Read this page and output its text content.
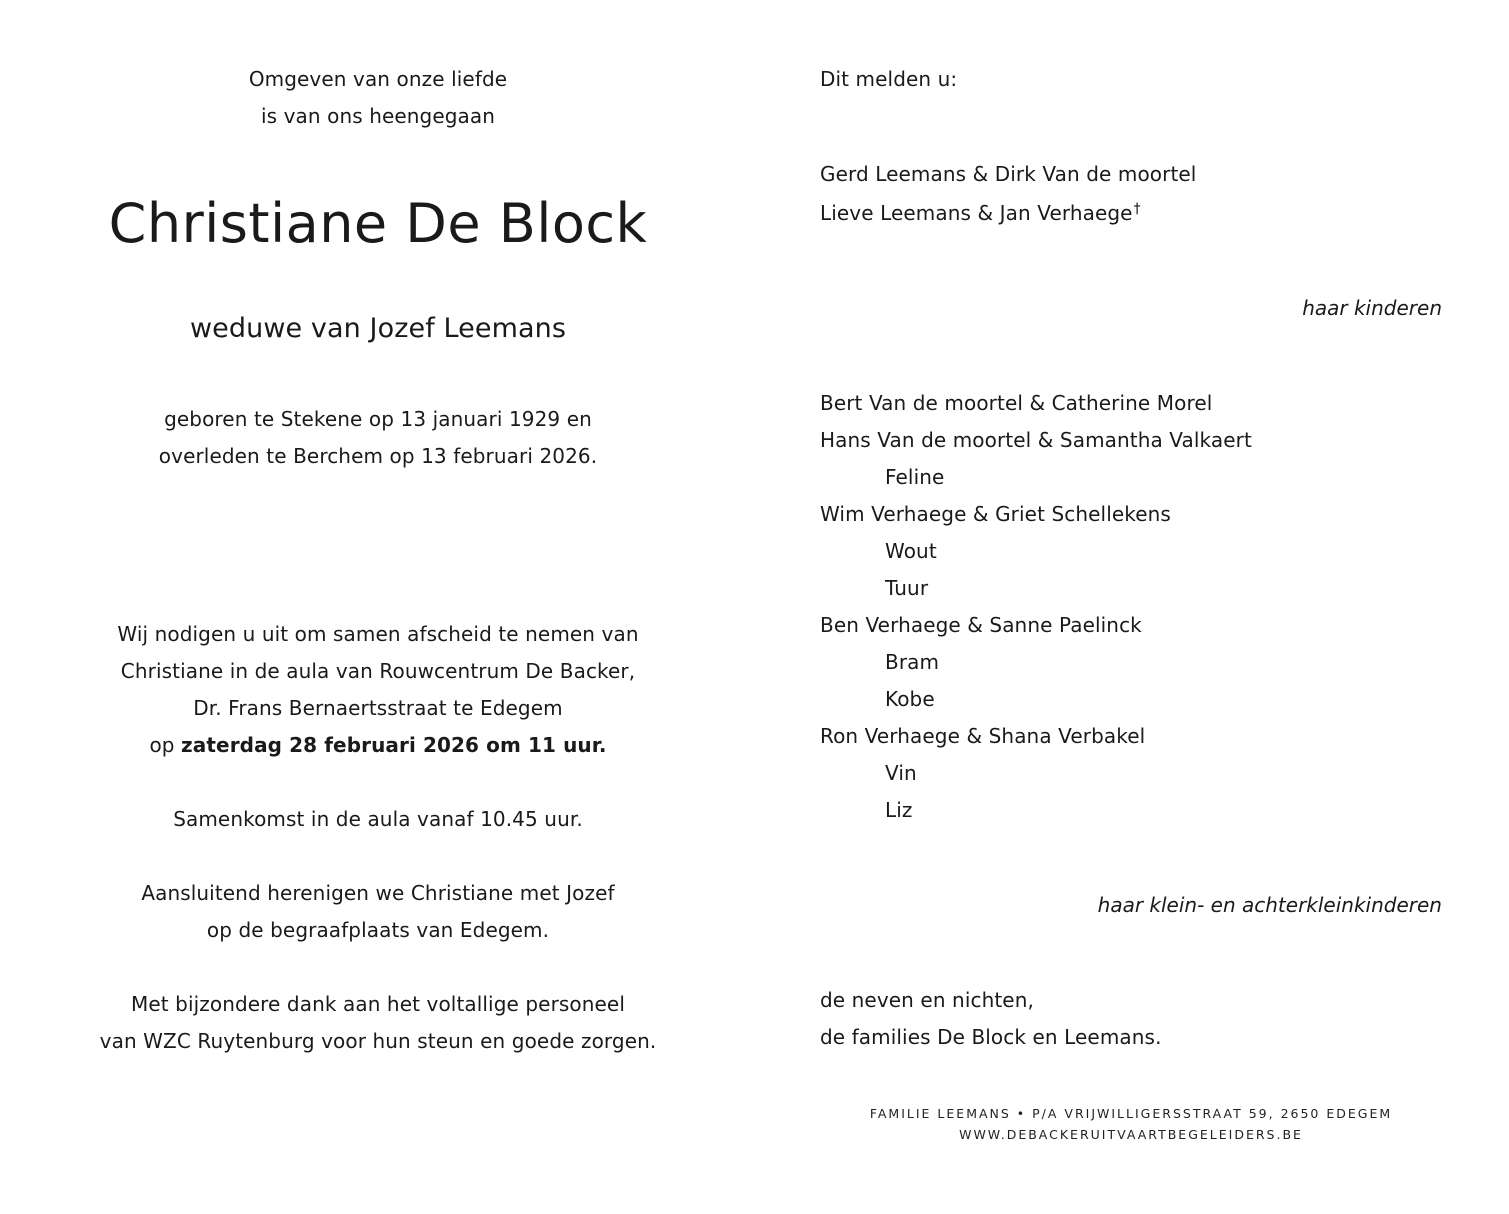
Omgeven van onze liefde
is van ons heengegaan
Christiane De Block
weduwe van Jozef Leemans
geboren te Stekene op 13 januari 1929 en
overleden te Berchem op 13 februari 2026.
Wij nodigen u uit om samen afscheid te nemen van
Christiane in de aula van Rouwcentrum De Backer,
Dr. Frans Bernaertsstraat te Edegem
op zaterdag 28 februari 2026 om 11 uur.
Samenkomst in de aula vanaf 10.45 uur.
Aansluitend herenigen we Christiane met Jozef
op de begraafplaats van Edegem.
Met bijzondere dank aan het voltallige personeel
van WZC Ruytenburg voor hun steun en goede zorgen.
Dit melden u:
Gerd Leemans & Dirk Van de moortel
Lieve Leemans & Jan Verhaege†
haar kinderen
Bert Van de moortel & Catherine Morel
Hans Van de moortel & Samantha Valkaert
Feline
Wim Verhaege & Griet Schellekens
Wout
Tuur
Ben Verhaege & Sanne Paelinck
Bram
Kobe
Ron Verhaege & Shana Verbakel
Vin
Liz
haar klein- en achterkleinkinderen
de neven en nichten,
de families De Block en Leemans.
FAMILIE LEEMANS • P/A VRIJWILLIGERSSTRAAT 59, 2650 EDEGEM
WWW.DEBACKERUITVAARTBEGELEIDERS.BE
